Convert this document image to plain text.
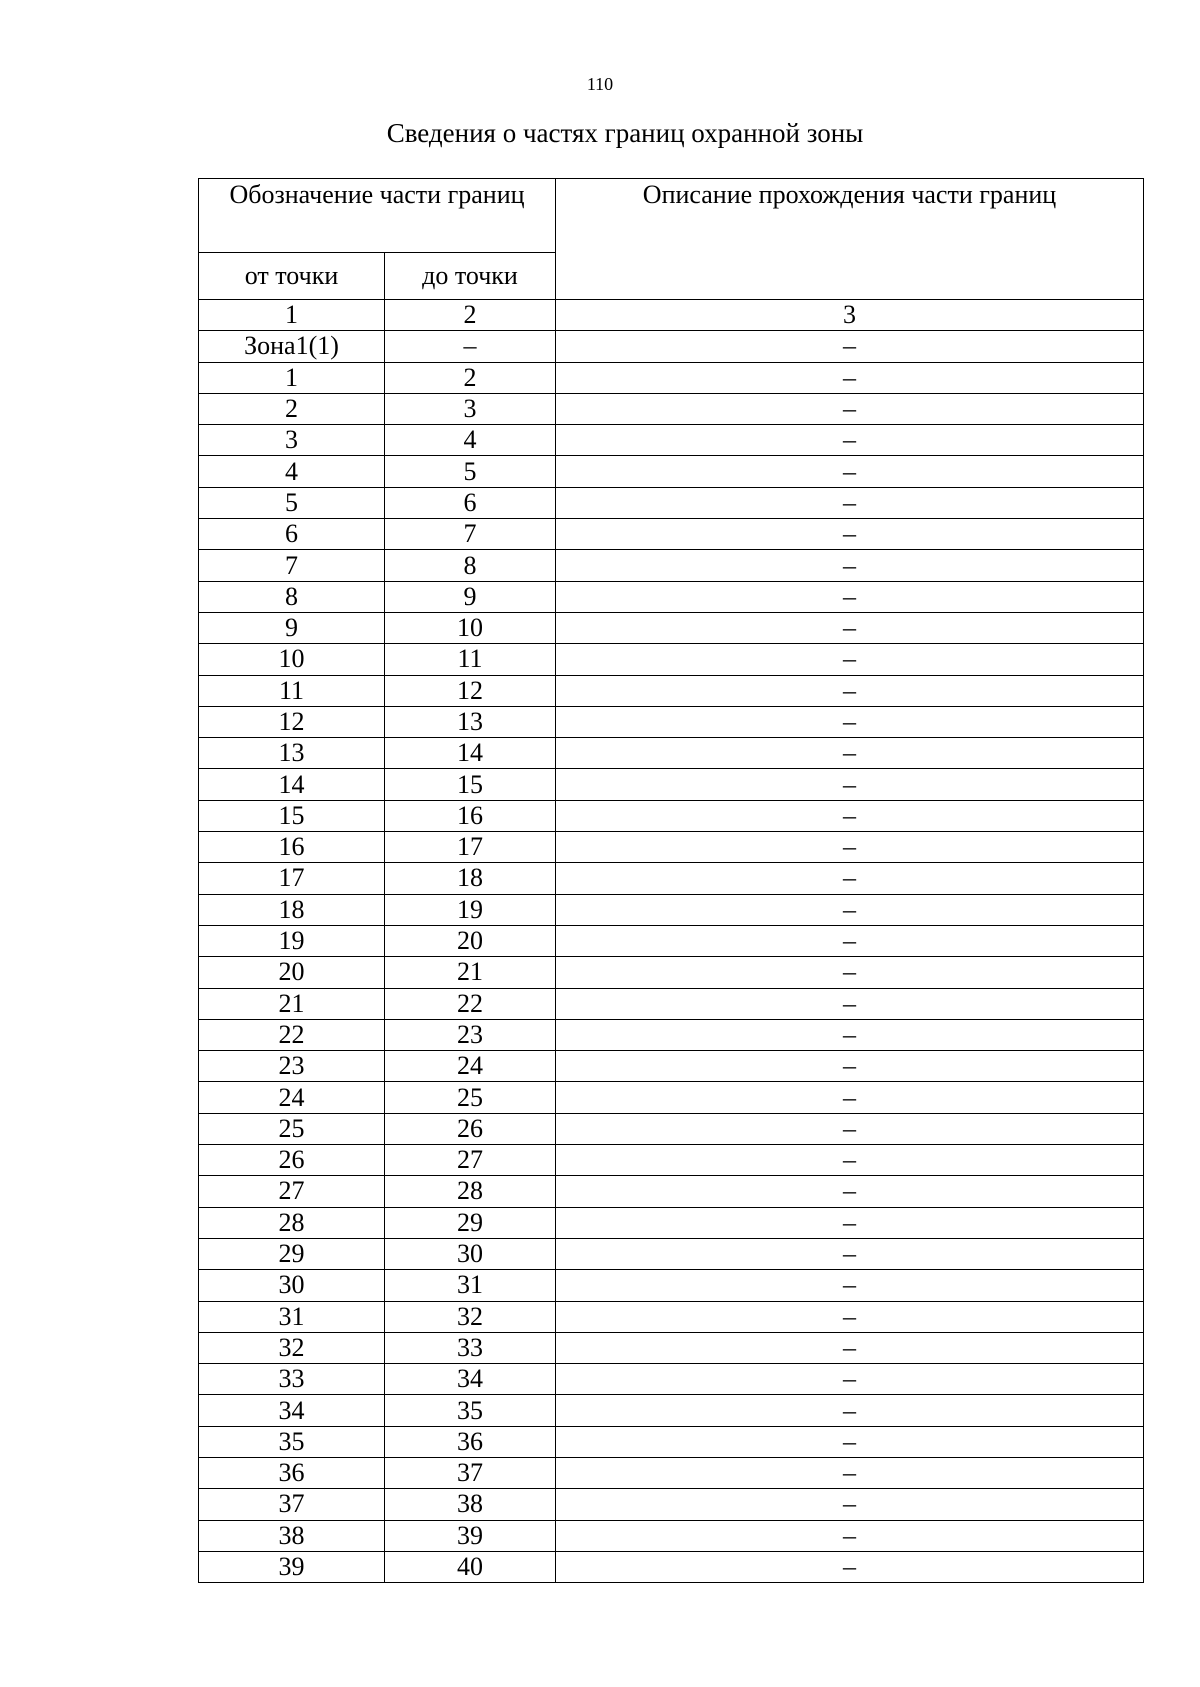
110
Сведения о частях границ охранной зоны
Обозначение части границ		Описание прохождения части границ
от точки	до точки	
1	2	3
Зона1(1)	–	–
1	2	–
2	3	–
3	4	–
4	5	–
5	6	–
6	7	–
7	8	–
8	9	–
9	10	–
10	11	–
11	12	–
12	13	–
13	14	–
14	15	–
15	16	–
16	17	–
17	18	–
18	19	–
19	20	–
20	21	–
21	22	–
22	23	–
23	24	–
24	25	–
25	26	–
26	27	–
27	28	–
28	29	–
29	30	–
30	31	–
31	32	–
32	33	–
33	34	–
34	35	–
35	36	–
36	37	–
37	38	–
38	39	–
39	40	–
